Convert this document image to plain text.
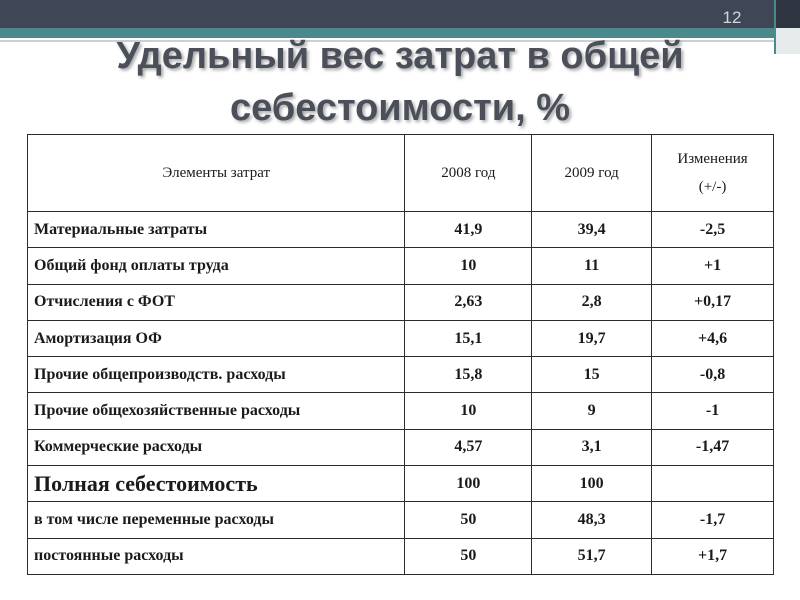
12
Удельный вес затрат в общей
себестоимости, %
Элементы затрат	2008 год	2009 год	Изменения
(+/-)

Материальные затраты	41,9	39,4	-2,5
Общий фонд оплаты труда	10	11	+1
Отчисления с ФОТ	2,63	2,8	+0,17
Амортизация ОФ	15,1	19,7	+4,6
Прочие общепроизводств. расходы	15,8	15	-0,8
Прочие общехозяйственные расходы	10	9	-1
Коммерческие расходы	4,57	3,1	-1,47
Полная себестоимость	100	100	
в том числе переменные расходы	50	48,3	-1,7
постоянные расходы	50	51,7	+1,7
